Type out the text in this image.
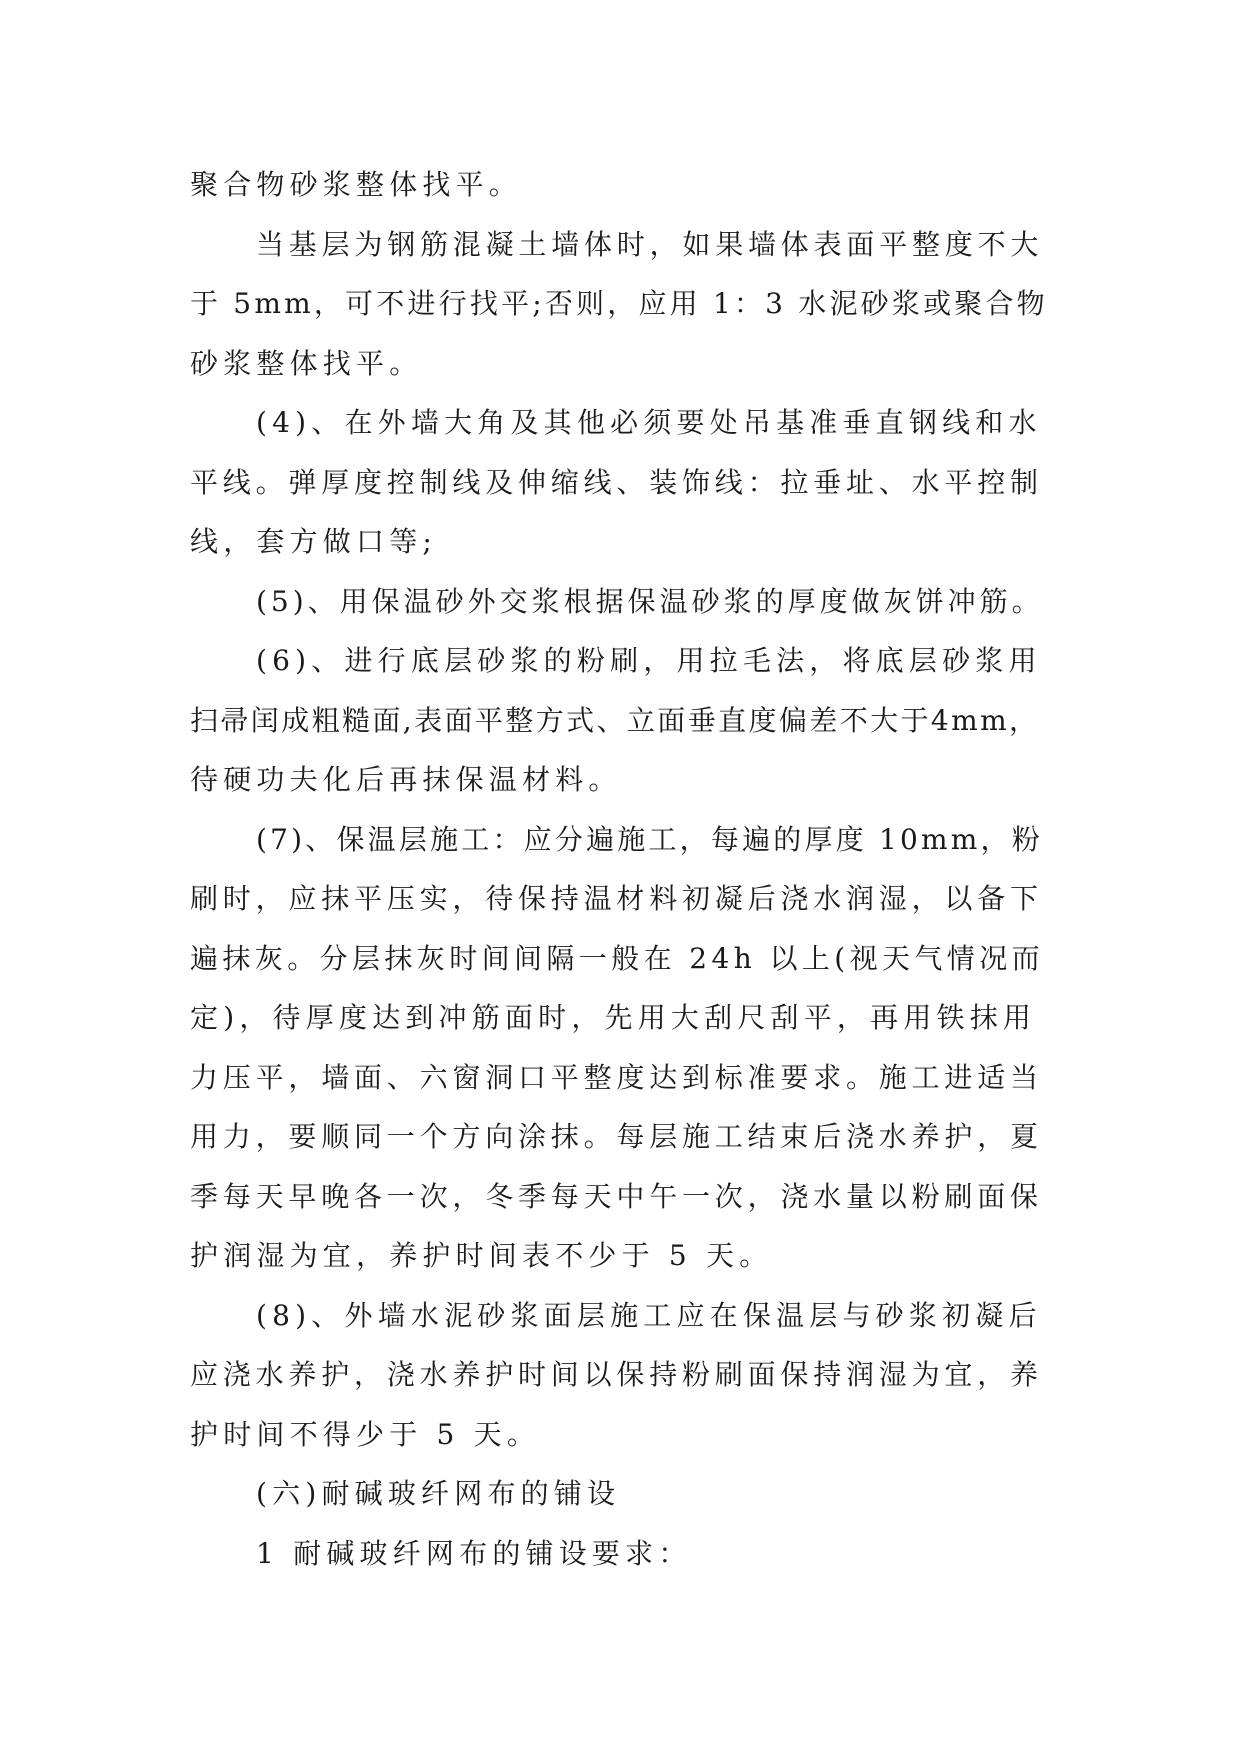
聚合物砂浆整体找平。
当基层为钢筋混凝土墙体时，如果墙体表面平整度不大
于 5mm，可不进行找平;否则，应用 1：3 水泥砂浆或聚合物
砂浆整体找平。
(4)、在外墙大角及其他必须要处吊基准垂直钢线和水
平线。弹厚度控制线及伸缩线、装饰线：拉垂址、水平控制
线，套方做口等;
(5)、用保温砂外交浆根据保温砂浆的厚度做灰饼冲筋。
(6)、进行底层砂浆的粉刷，用拉毛法，将底层砂浆用
扫帚闰成粗糙面,表面平整方式、立面垂直度偏差不大于4mm，
待硬功夫化后再抹保温材料。
(7)、保温层施工：应分遍施工，每遍的厚度 10mm，粉
刷时，应抹平压实，待保持温材料初凝后浇水润湿，以备下
遍抹灰。分层抹灰时间间隔一般在 24h 以上(视天气情况而
定)，待厚度达到冲筋面时，先用大刮尺刮平，再用铁抹用
力压平，墙面、六窗洞口平整度达到标准要求。施工进适当
用力，要顺同一个方向涂抹。每层施工结束后浇水养护，夏
季每天早晚各一次，冬季每天中午一次，浇水量以粉刷面保
护润湿为宜，养护时间表不少于 5 天。
(8)、外墙水泥砂浆面层施工应在保温层与砂浆初凝后
应浇水养护，浇水养护时间以保持粉刷面保持润湿为宜，养
护时间不得少于 5 天。
(六)耐碱玻纤网布的铺设
1 耐碱玻纤网布的铺设要求：
